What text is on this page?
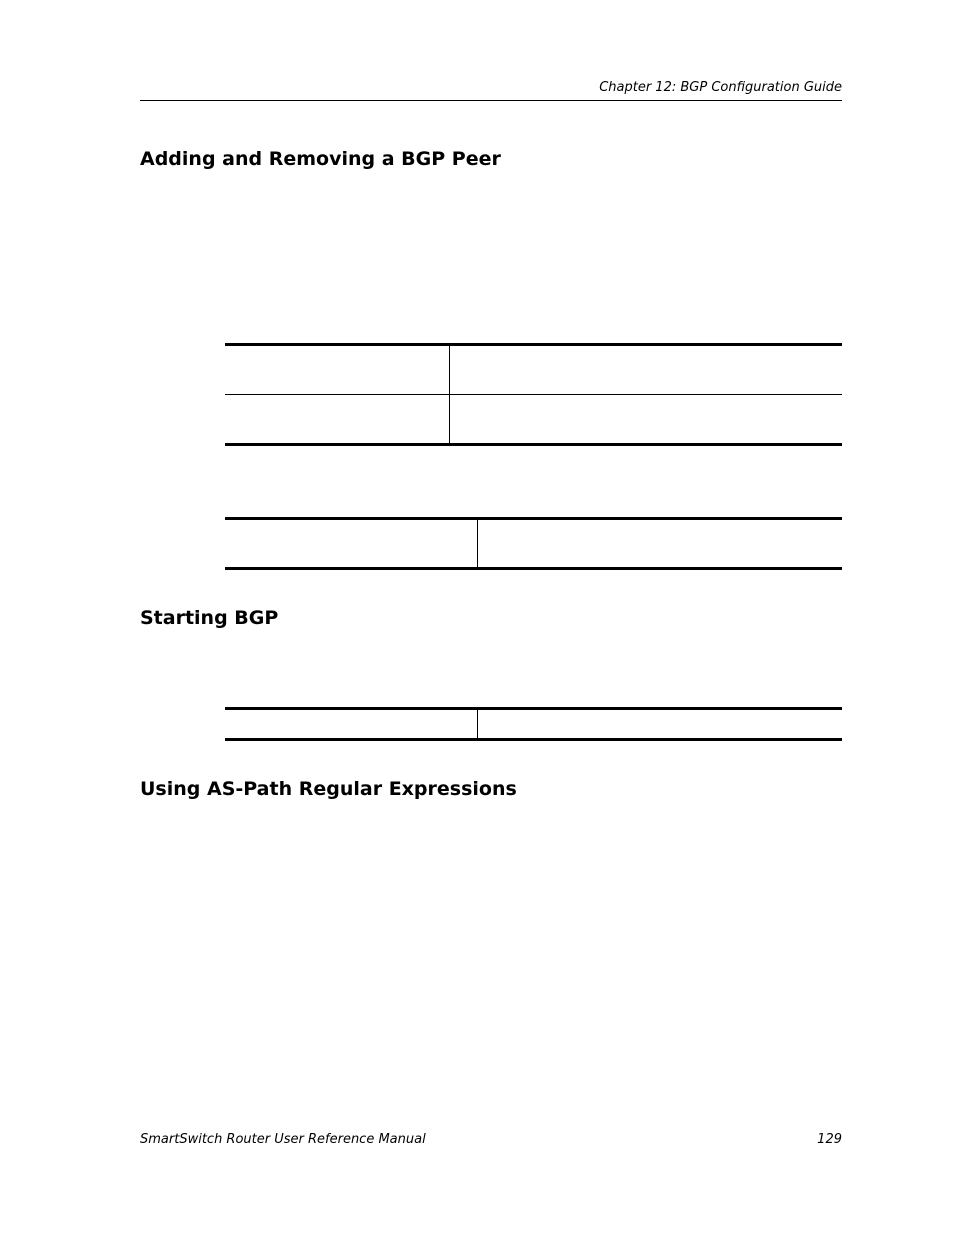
Chapter 12: BGP Configuration Guide
Adding and Removing a BGP Peer

Starting BGP

Using AS-Path Regular Expressions
SmartSwitch Router User Reference Manual	129
